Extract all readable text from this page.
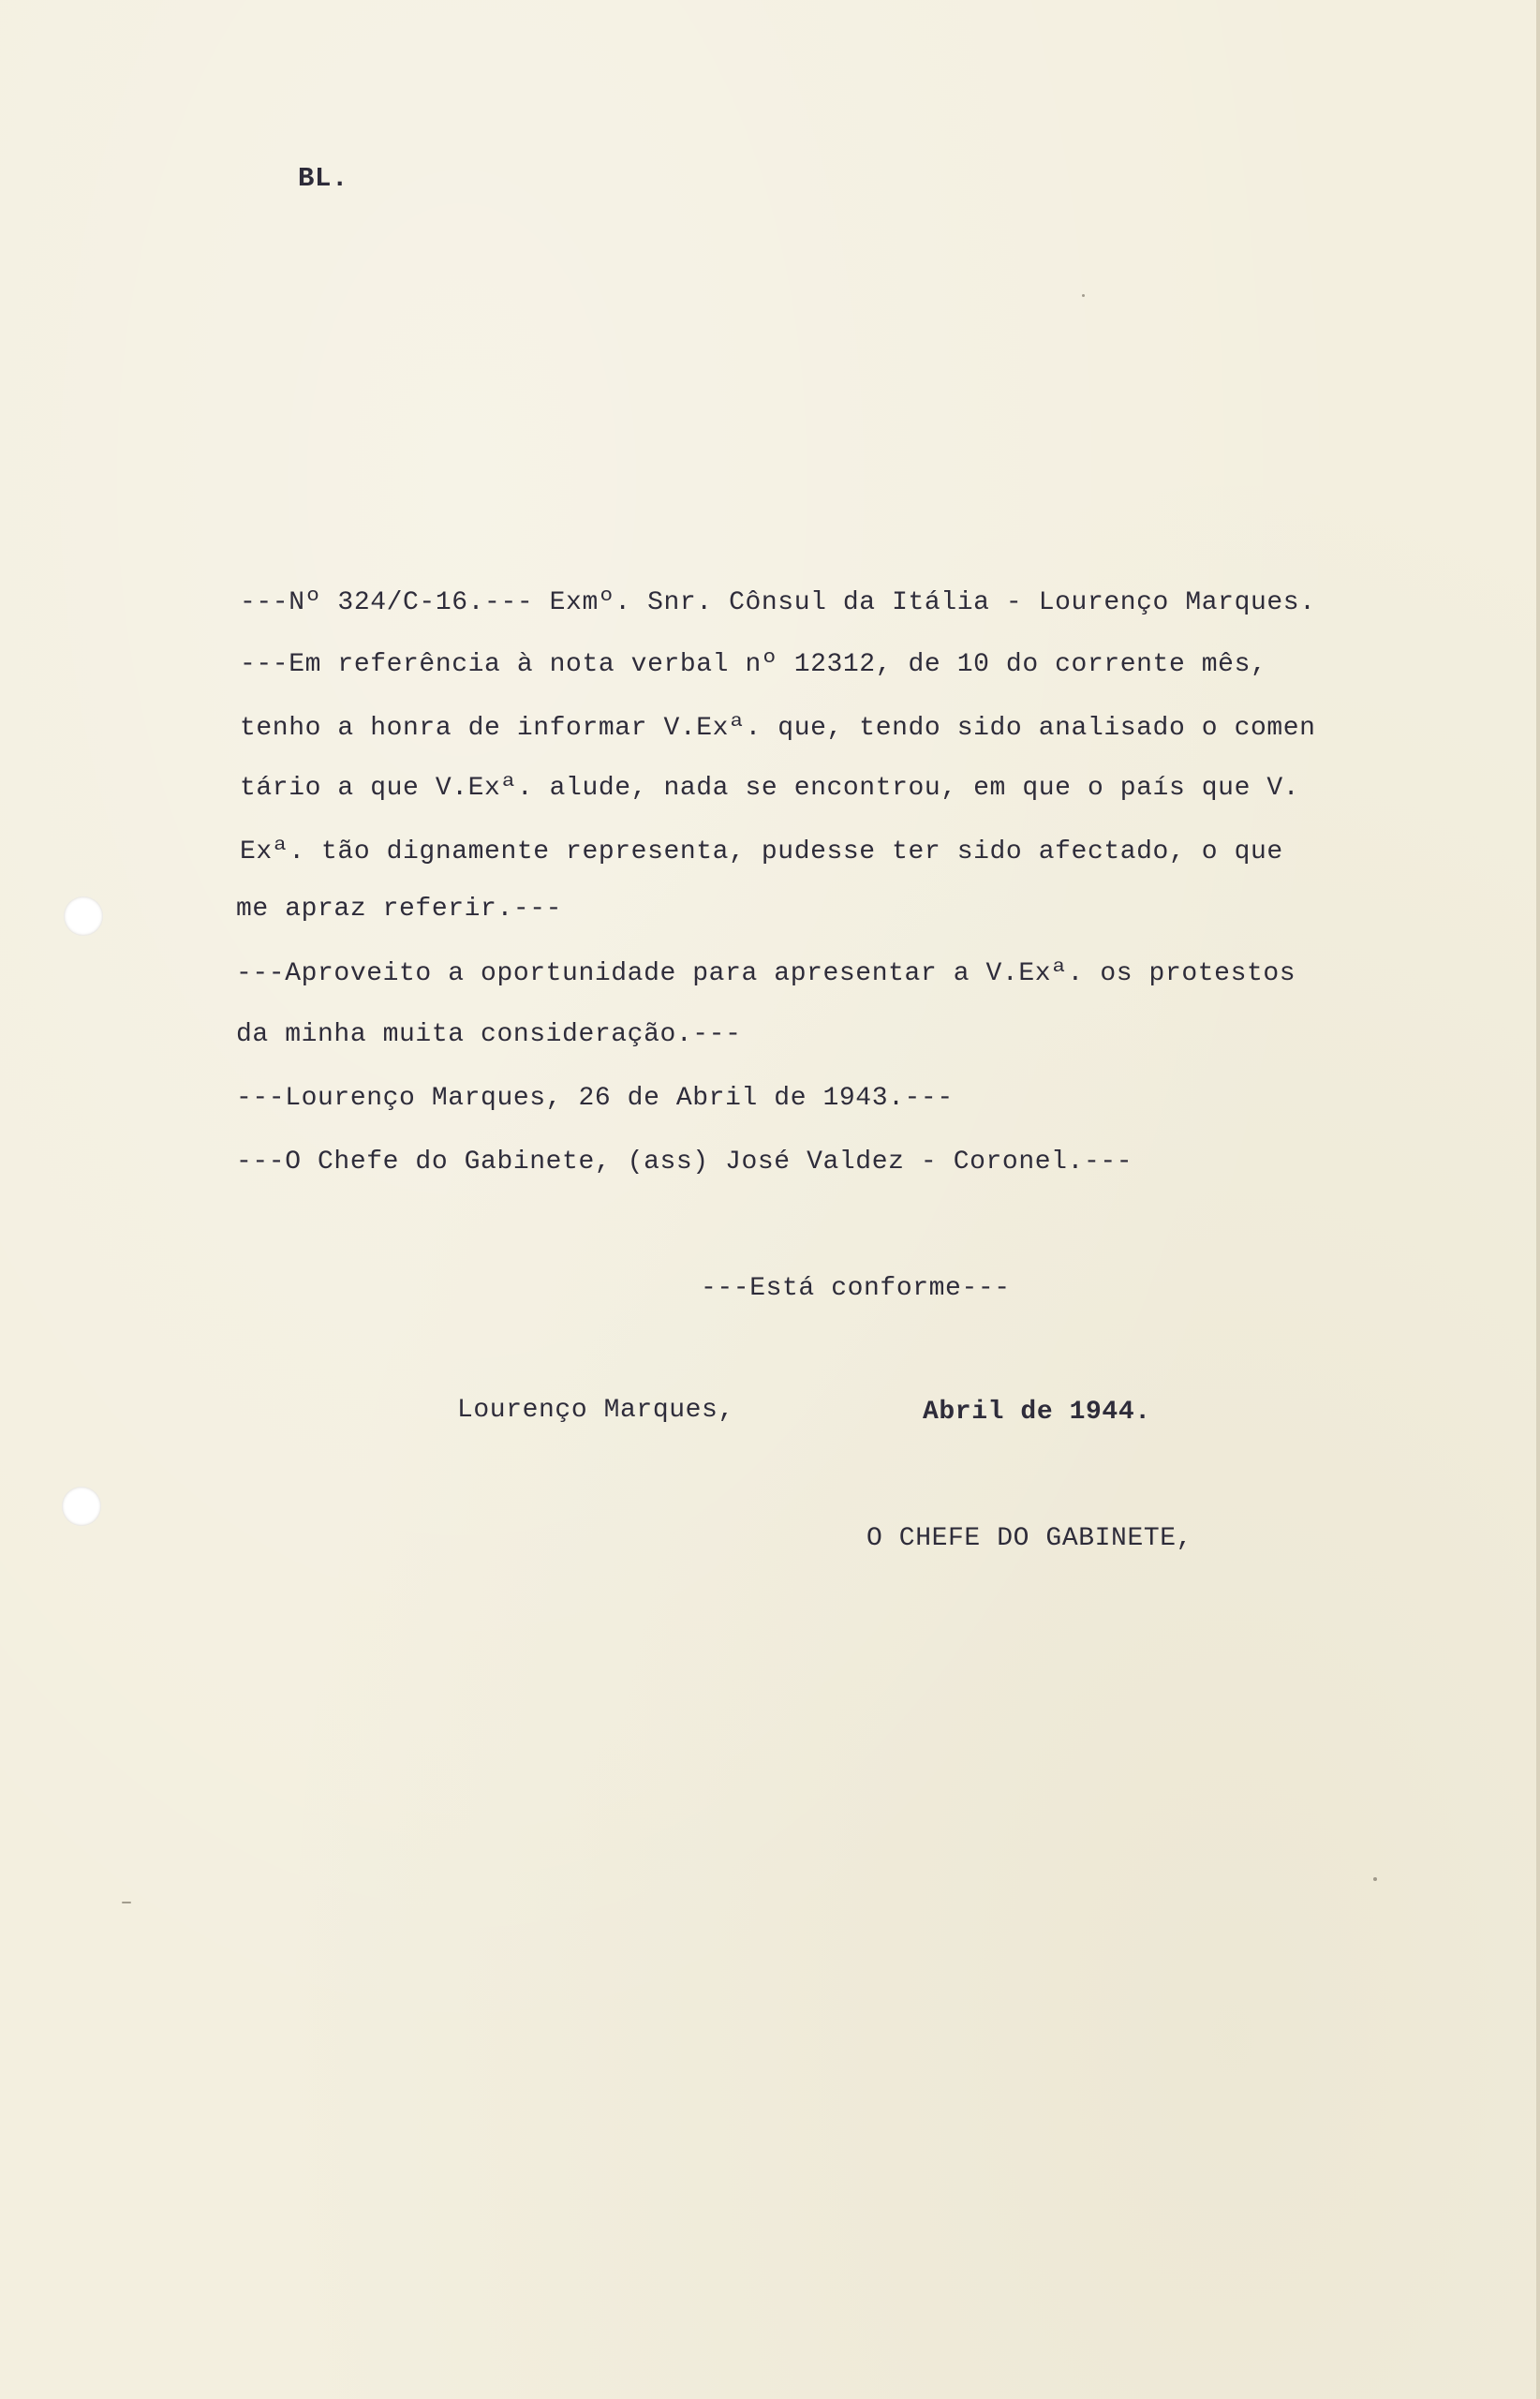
BL.

---Nº 324/C-16.--- Exmº. Snr. Cônsul da Itália - Lourenço Marques.

---Em referência à nota verbal nº 12312, de 10 do corrente mês,

tenho a honra de informar V.Exª. que, tendo sido analisado o comen

tário a que V.Exª. alude, nada se encontrou, em que o país que V.

Exª. tão dignamente representa, pudesse ter sido afectado, o que

me apraz referir.---

---Aproveito a oportunidade para apresentar a V.Exª. os protestos

da minha muita consideração.---

---Lourenço Marques, 26 de Abril de 1943.---

---O Chefe do Gabinete, (ass) José Valdez - Coronel.---

---Está conforme---

Lourenço Marques,	Abril de 1944.

O CHEFE DO GABINETE,
